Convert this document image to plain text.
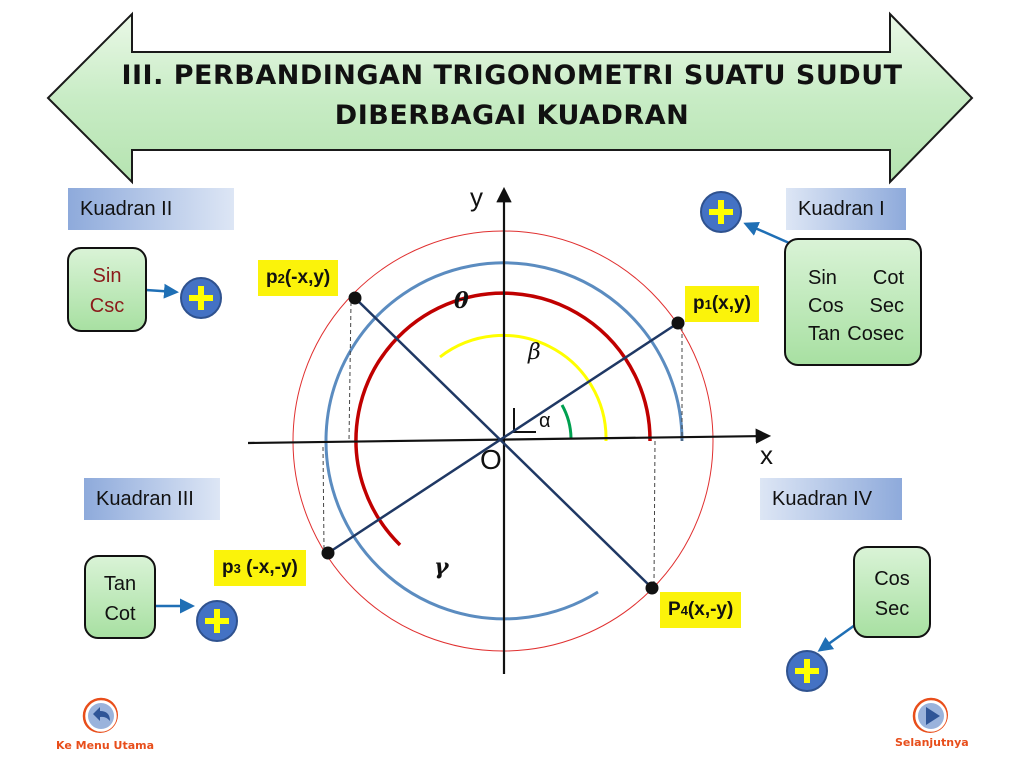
III. PERBANDINGAN TRIGONOMETRI SUATU SUDUT
DIBERBAGAI KUADRAN
Kuadran II	Kuadran I
Kuadran III	Kuadran IV
Sin
Csc
Sin Cot
Cos Sec
Tan Cosec
Tan
Cot
Cos
Sec
p2(-x,y)
p1(x,y)
p3 (-x,-y)
P4(x,-y)
y
x
O
α
β
θ
γ
Ke Menu Utama	Selanjutnya
